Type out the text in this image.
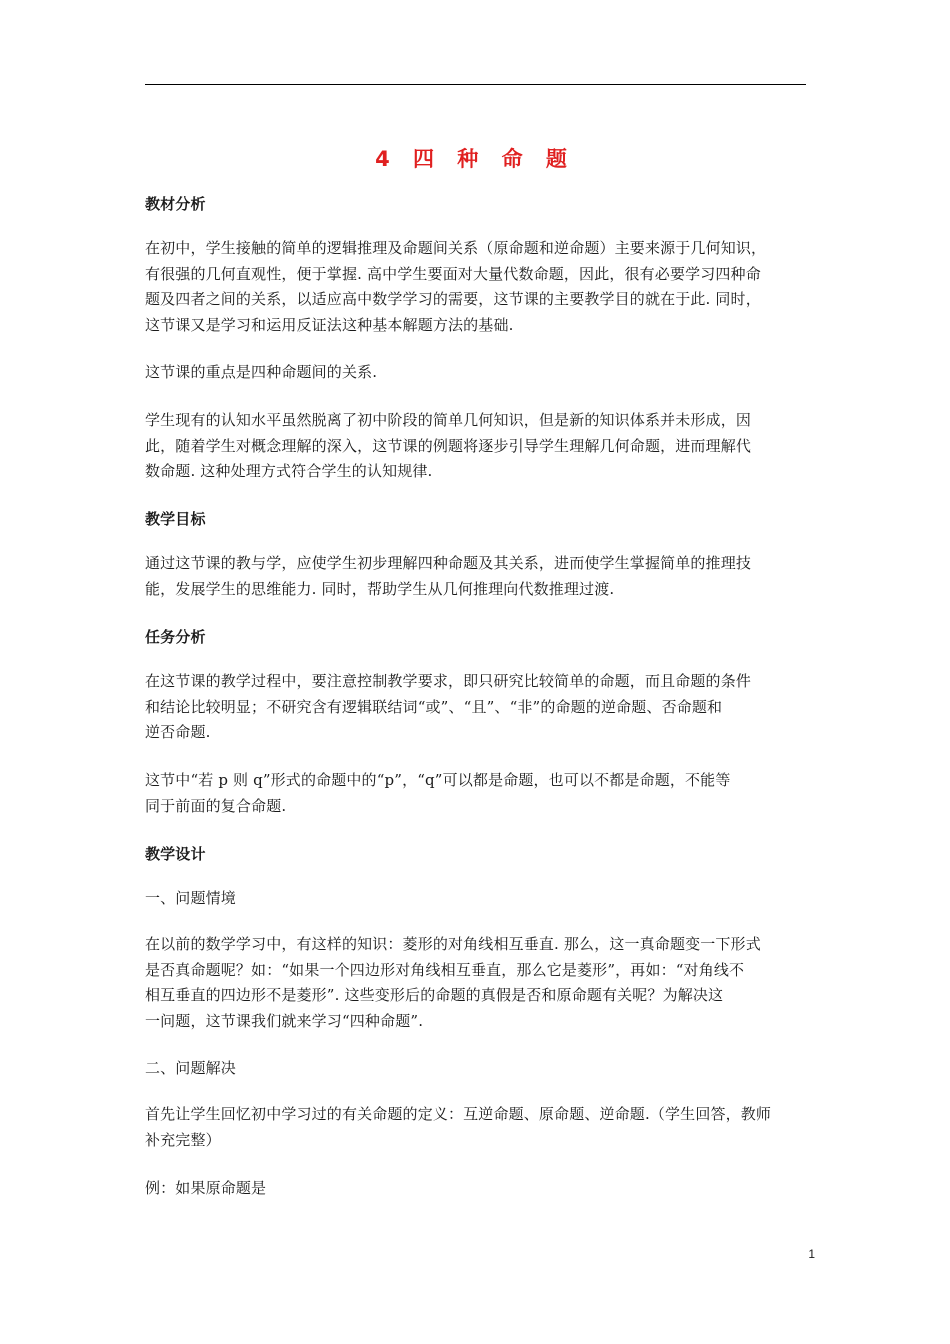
4 四 种 命 题
教材分析
在初中，学生接触的简单的逻辑推理及命题间关系（原命题和逆命题）主要来源于几何知识，
有很强的几何直观性，便于掌握. 高中学生要面对大量代数命题，因此，很有必要学习四种命
题及四者之间的关系，以适应高中数学学习的需要，这节课的主要教学目的就在于此. 同时，
这节课又是学习和运用反证法这种基本解题方法的基础.
这节课的重点是四种命题间的关系.
学生现有的认知水平虽然脱离了初中阶段的简单几何知识，但是新的知识体系并未形成，因
此，随着学生对概念理解的深入，这节课的例题将逐步引导学生理解几何命题，进而理解代
数命题. 这种处理方式符合学生的认知规律.
教学目标
通过这节课的教与学，应使学生初步理解四种命题及其关系，进而使学生掌握简单的推理技
能，发展学生的思维能力. 同时，帮助学生从几何推理向代数推理过渡.
任务分析
在这节课的教学过程中，要注意控制教学要求，即只研究比较简单的命题，而且命题的条件
和结论比较明显；不研究含有逻辑联结词“或”、“且”、“非”的命题的逆命题、否命题和
逆否命题.
这节中“若 p 则 q”形式的命题中的“p”，“q”可以都是命题，也可以不都是命题，不能等
同于前面的复合命题.
教学设计
一、问题情境
在以前的数学学习中，有这样的知识：菱形的对角线相互垂直. 那么，这一真命题变一下形式
是否真命题呢？如：“如果一个四边形对角线相互垂直，那么它是菱形”，再如：“对角线不
相互垂直的四边形不是菱形”. 这些变形后的命题的真假是否和原命题有关呢？为解决这
一问题，这节课我们就来学习“四种命题”.
二、问题解决
首先让学生回忆初中学习过的有关命题的定义：互逆命题、原命题、逆命题.（学生回答，教师
补充完整）
例：如果原命题是
1
